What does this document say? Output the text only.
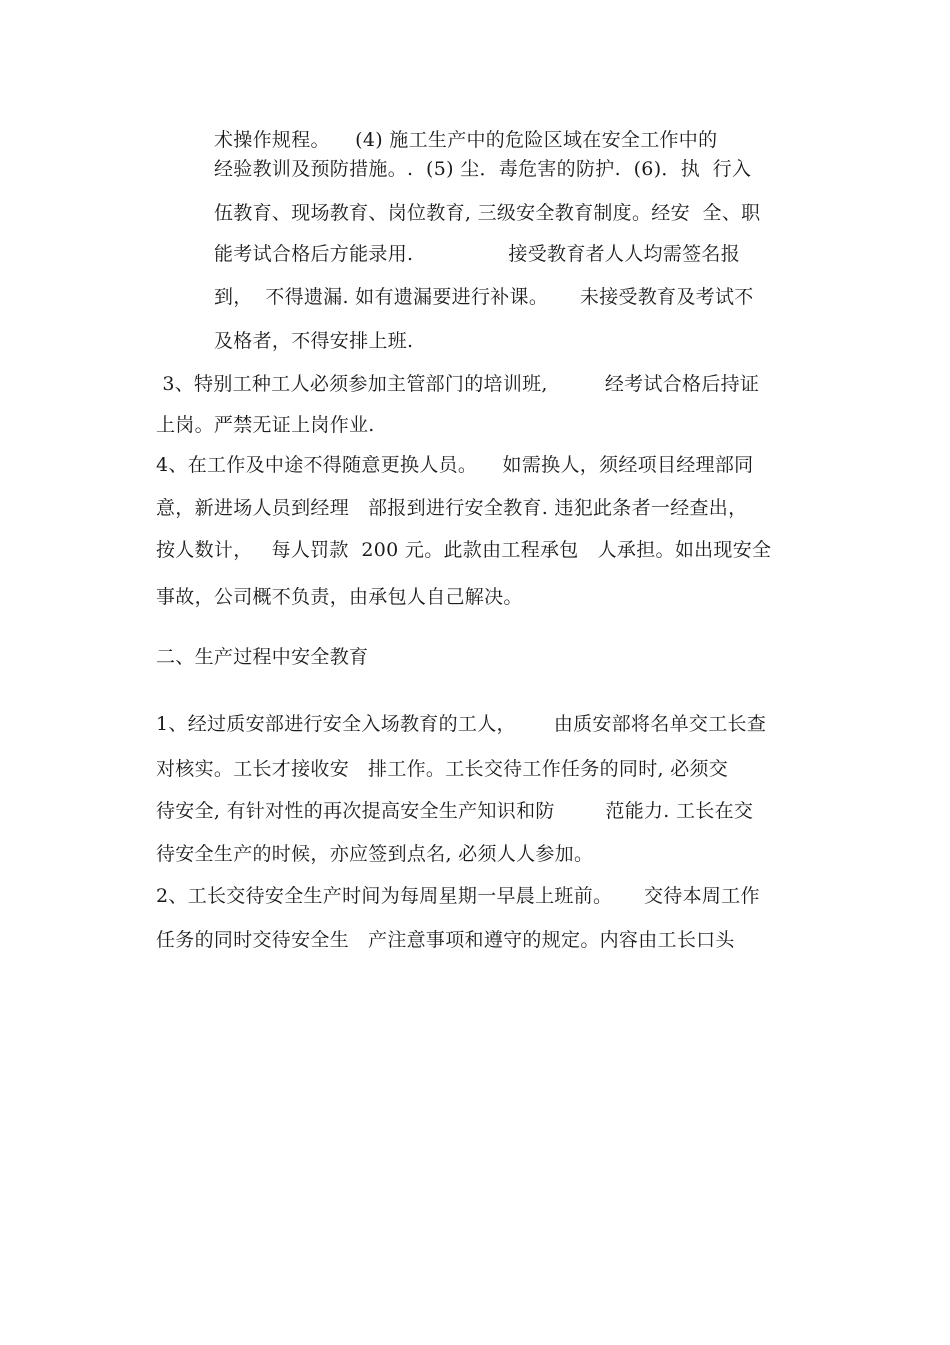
术操作规程。    (4) 施工生产中的危险区域在安全工作中的
经验教训及预防措施。.  (5) 尘．毒危害的防护.  (6)．执  行入
伍教育、现场教育、岗位教育, 三级安全教育制度。经安  全、职
能考试合格后方能录用.               接受教育者人人均需签名报
到，  不得遗漏. 如有遗漏要进行补课。     未接受教育及考试不
及格者，不得安排上班.
3、特别工种工人必须参加主管部门的培训班,         经考试合格后持证
上岗。严禁无证上岗作业.
4、在工作及中途不得随意更换人员。    如需换人，须经项目经理部同
意，新进场人员到经理   部报到进行安全教育. 违犯此条者一经查出，
按人数计，   每人罚款  200 元。此款由工程承包   人承担。如出现安全
事故，公司概不负责，由承包人自己解决。
二、生产过程中安全教育
1、经过质安部进行安全入场教育的工人，      由质安部将名单交工长查
对核实。工长才接收安   排工作。工长交待工作任务的同时, 必须交
待安全, 有针对性的再次提高安全生产知识和防        范能力. 工长在交
待安全生产的时候，亦应签到点名, 必须人人参加。
2、工长交待安全生产时间为每周星期一早晨上班前。     交待本周工作
任务的同时交待安全生   产注意事项和遵守的规定。内容由工长口头
